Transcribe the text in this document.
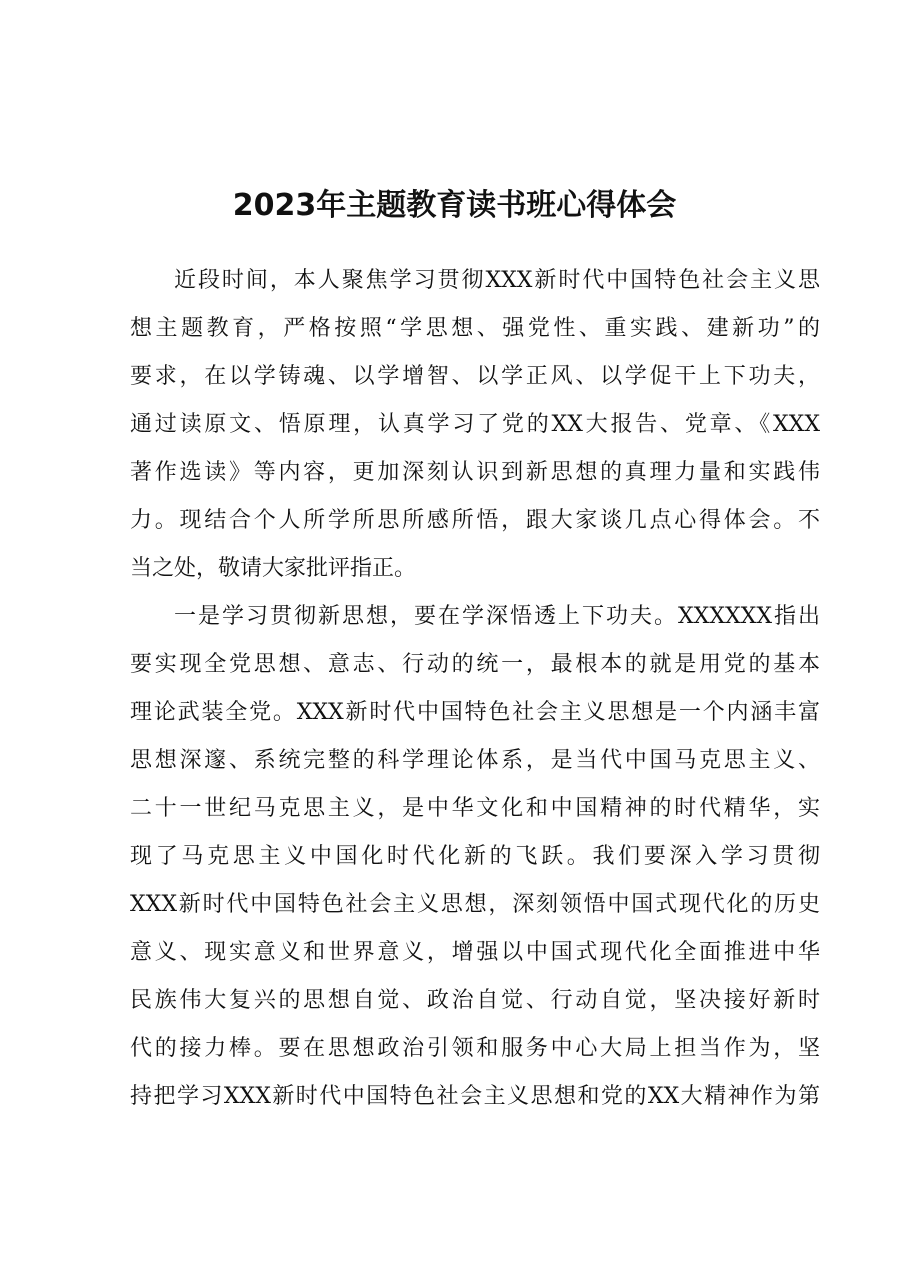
2023年主题教育读书班心得体会
近段时间，本人聚焦学习贯彻XXX新时代中国特色社会主义思
想主题教育，严格按照“学思想、强党性、重实践、建新功”的
要求，在以学铸魂、以学增智、以学正风、以学促干上下功夫，
通过读原文、悟原理，认真学习了党的XX大报告、党章、《XXX
著作选读》等内容，更加深刻认识到新思想的真理力量和实践伟
力。现结合个人所学所思所感所悟，跟大家谈几点心得体会。不
当之处，敬请大家批评指正。
一是学习贯彻新思想，要在学深悟透上下功夫。XXXXXX指出
要实现全党思想、意志、行动的统一，最根本的就是用党的基本
理论武装全党。XXX新时代中国特色社会主义思想是一个内涵丰富
思想深邃、系统完整的科学理论体系，是当代中国马克思主义、
二十一世纪马克思主义，是中华文化和中国精神的时代精华，实
现了马克思主义中国化时代化新的飞跃。我们要深入学习贯彻
XXX新时代中国特色社会主义思想，深刻领悟中国式现代化的历史
意义、现实意义和世界意义，增强以中国式现代化全面推进中华
民族伟大复兴的思想自觉、政治自觉、行动自觉，坚决接好新时
代的接力棒。要在思想政治引领和服务中心大局上担当作为，坚
持把学习XXX新时代中国特色社会主义思想和党的XX大精神作为第
